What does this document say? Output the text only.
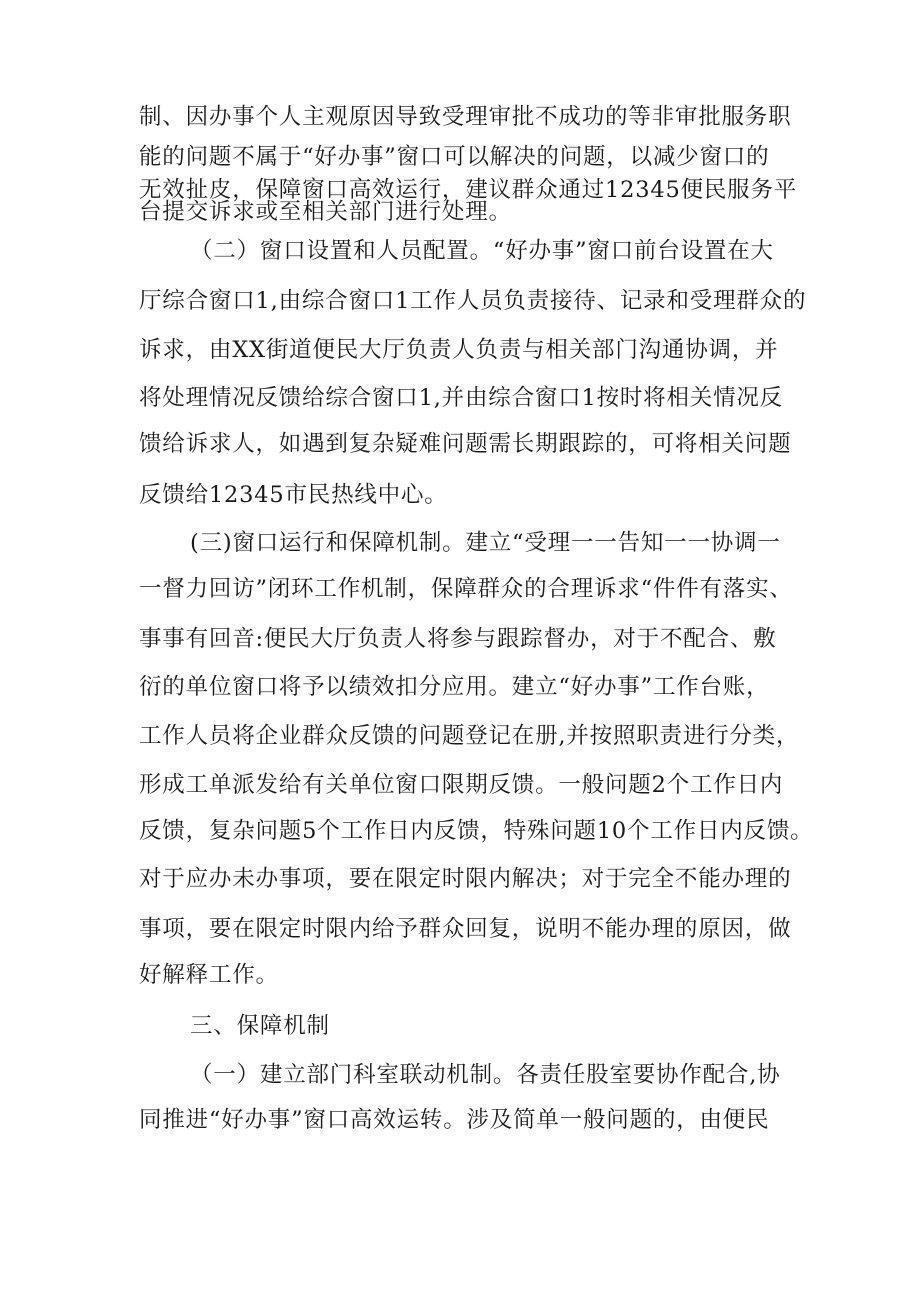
制、因办事个人主观原因导致受理审批不成功的等非审批服务职
能的问题不属于“好办事”窗口可以解决的问题，以减少窗口的
无效扯皮，保障窗口高效运行，建议群众通过12345便民服务平
台提交诉求或至相关部门进行处理。
（二）窗口设置和人员配置。“好办事”窗口前台设置在大
厅综合窗口1,由综合窗口1工作人员负责接待、记录和受理群众的
诉求，由XX街道便民大厅负责人负责与相关部门沟通协调，并
将处理情况反馈给综合窗口1,并由综合窗口1按时将相关情况反
馈给诉求人，如遇到复杂疑难问题需长期跟踪的，可将相关问题
反馈给12345市民热线中心。
(三)窗口运行和保障机制。建立“受理一一告知一一协调一
一督力回访”闭环工作机制，保障群众的合理诉求“件件有落实、
事事有回音:便民大厅负责人将参与跟踪督办，对于不配合、敷
衍的单位窗口将予以绩效扣分应用。建立“好办事”工作台账，
工作人员将企业群众反馈的问题登记在册,并按照职责进行分类，
形成工单派发给有关单位窗口限期反馈。一般问题2个工作日内
反馈，复杂问题5个工作日内反馈，特殊问题10个工作日内反馈。
对于应办未办事项，要在限定时限内解决；对于完全不能办理的
事项，要在限定时限内给予群众回复，说明不能办理的原因，做
好解释工作。
三、保障机制
（一）建立部门科室联动机制。各责任股室要协作配合,协
同推进“好办事”窗口高效运转。涉及简单一般问题的，由便民
